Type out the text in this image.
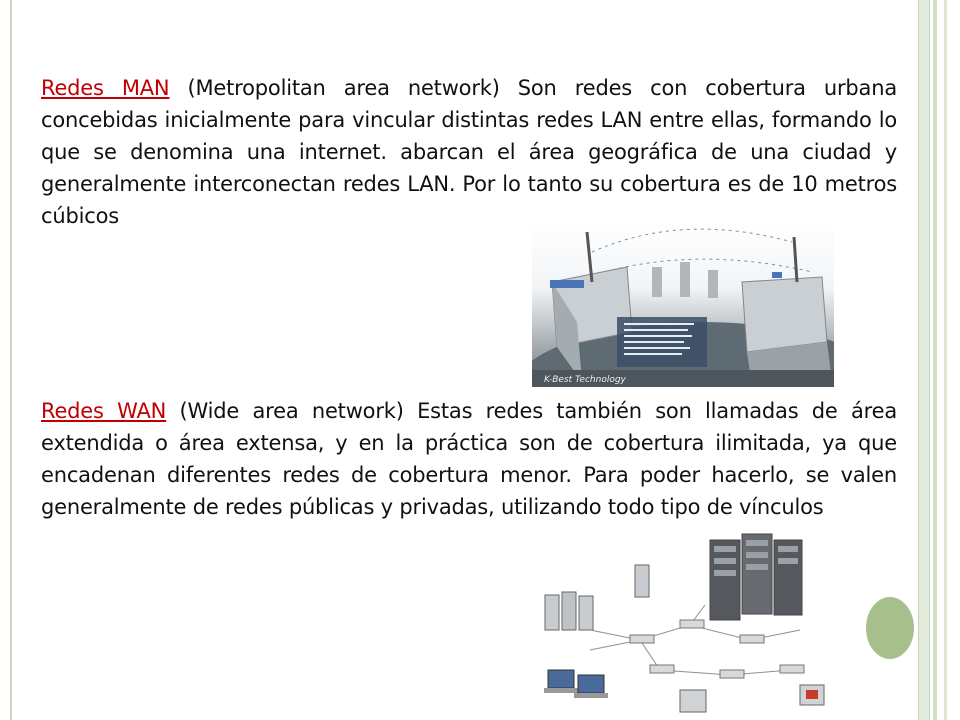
Redes MAN (Metropolitan area network) Son redes con cobertura urbana concebidas inicialmente para vincular distintas redes LAN entre ellas, formando lo que se denomina una internet. abarcan el área geográfica de una ciudad y generalmente interconectan redes LAN. Por lo tanto su cobertura es de 10 metros cúbicos

K-Best Technology

Redes WAN (Wide area network) Estas redes también son llamadas de área extendida o área extensa, y en la práctica son de cobertura ilimitada, ya que encadenan diferentes redes de cobertura menor. Para poder hacerlo, se valen generalmente de redes públicas y privadas, utilizando todo tipo de vínculos
